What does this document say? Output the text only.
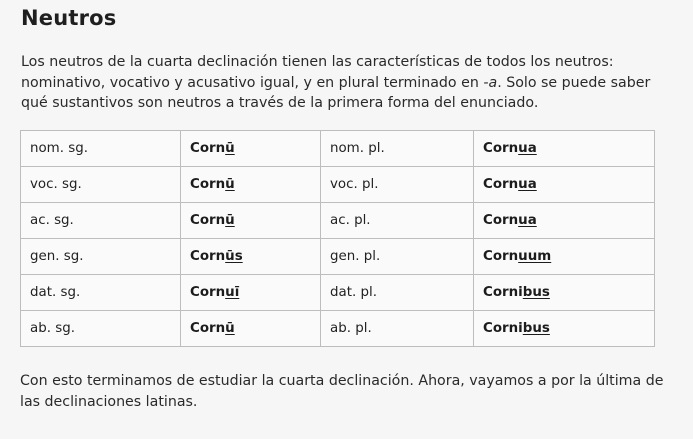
Neutros

Los neutros de la cuarta declinación tienen las características de todos los neutros: nominativo, vocativo y acusativo igual, y en plural terminado en -a. Solo se puede saber qué sustantivos son neutros a través de la primera forma del enunciado.

nom. sg.	Cornū	nom. pl.	Cornua
voc. sg.	Cornū	voc. pl.	Cornua
ac. sg.	Cornū	ac. pl.	Cornua
gen. sg.	Cornūs	gen. pl.	Cornuum
dat. sg.	Cornuī	dat. pl.	Cornibus
ab. sg.	Cornū	ab. pl.	Cornibus

Con esto terminamos de estudiar la cuarta declinación. Ahora, vayamos a por la última de las declinaciones latinas.
